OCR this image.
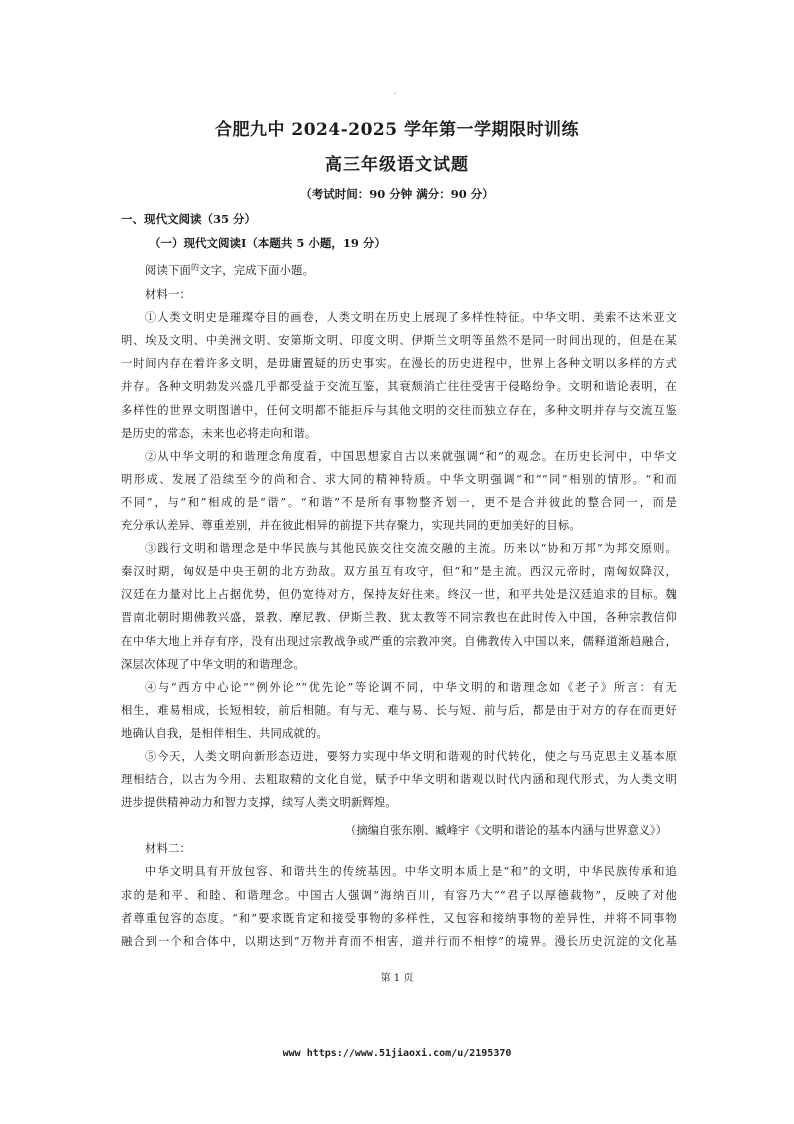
'
合肥九中 2024-2025 学年第一学期限时训练
高三年级语文试题
（考试时间：90 分钟 满分：90 分）
一、现代文阅读（35 分）
（一）现代文阅读Ⅰ（本题共 5 小题，19 分）
阅读下面$^的$文字，完成下面小题。
材料一：
①人类文明史是璀璨夺目的画卷，人类文明在历史上展现了多样性特征。中华文明、美索不达米亚文
明、埃及文明、中美洲文明、安第斯文明、印度文明、伊斯兰文明等虽然不是同一时间出现的，但是在某
一时间内存在着许多文明，是毋庸置疑的历史事实。在漫长的历史进程中，世界上各种文明以多样的方式
并存。各种文明勃发兴盛几乎都受益于交流互鉴，其衰颓消亡往往受害于侵略纷争。文明和谐论表明，在
多样性的世界文明图谱中，任何文明都不能拒斥与其他文明的交往而独立存在，多种文明并存与交流互鉴
是历史的常态，未来也必将走向和谐。
②从中华文明的和谐理念角度看，中国思想家自古以来就强调“和”的观念。在历史长河中，中华文
明形成、发展了沿续至今的尚和合、求大同的精神特质。中华文明强调“和”“同”相别的情形。“和而
不同”，与“和”相成的是“谐”。“和谐”不是所有事物整齐划一，更不是合并彼此的整合同一，而是
充分承认差异、尊重差别，并在彼此相异的前提下共存聚力，实现共同的更加美好的目标。
③践行文明和谐理念是中华民族与其他民族交往交流交融的主流。历来以“协和万邦”为邦交原则。
秦汉时期，匈奴是中央王朝的北方劲敌。双方虽互有攻守，但“和”是主流。西汉元帝时，南匈奴降汉，
汉廷在力量对比上占据优势，但仍宽待对方，保持友好往来。终汉一世，和平共处是汉廷追求的目标。魏
晋南北朝时期佛教兴盛，景教、摩尼教、伊斯兰教、犹太教等不同宗教也在此时传入中国，各种宗教信仰
在中华大地上并存有序，没有出现过宗教战争或严重的宗教冲突。自佛教传入中国以来，儒释道渐趋融合，
深层次体现了中华文明的和谐理念。
④与“西方中心论”“例外论”“优先论”等论调不同，中华文明的和谐理念如《老子》所言：有无
相生，难易相成，长短相较，前后相随。有与无、难与易、长与短、前与后，都是由于对方的存在而更好
地确认自我，是相伴相生、共同成就的。
⑤今天，人类文明向新形态迈进，要努力实现中华文明和谐观的时代转化，使之与马克思主义基本原
理相结合，以古为今用、去粗取精的文化自觉，赋予中华文明和谐观以时代内涵和现代形式，为人类文明
进步提供精神动力和智力支撑，续写人类文明新辉煌。

材料二：
中华文明具有开放包容、和谐共生的传统基因。中华文明本质上是“和”的文明，中华民族传承和追
求的是和平、和睦、和谐理念。中国古人强调“海纳百川，有容乃大”“君子以厚德载物”，反映了对他
者尊重包容的态度。“和”要求既肯定和接受事物的多样性，又包容和接纳事物的差异性，并将不同事物
融合到一个和合体中，以期达到“万物并育而不相害，道并行而不相悖”的境界。漫长历史沉淀的文化基
（摘编自张东刚、臧峰宇《文明和谐论的基本内涵与世界意义》）
第 1 页
www https://www.51jiaoxi.com/u/2195370
